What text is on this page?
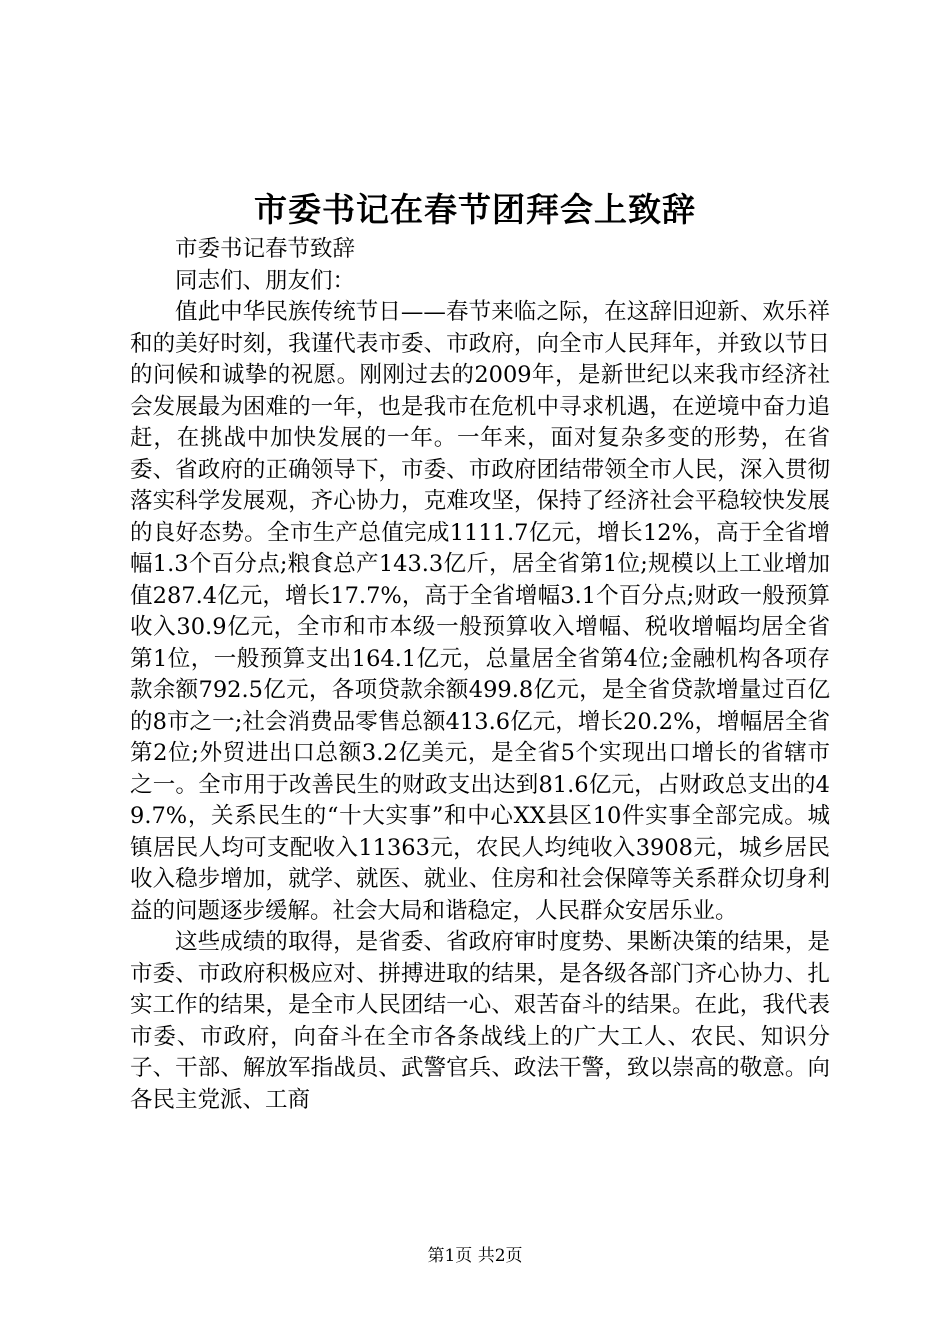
市委书记在春节团拜会上致辞

市委书记春节致辞

同志们、朋友们：

值此中华民族传统节日——春节来临之际，在这辞旧迎新、欢乐祥和的美好时刻，我谨代表市委、市政府，向全市人民拜年，并致以节日的问候和诚挚的祝愿。刚刚过去的2009年，是新世纪以来我市经济社会发展最为困难的一年，也是我市在危机中寻求机遇，在逆境中奋力追赶，在挑战中加快发展的一年。一年来，面对复杂多变的形势，在省委、省政府的正确领导下，市委、市政府团结带领全市人民，深入贯彻落实科学发展观，齐心协力，克难攻坚，保持了经济社会平稳较快发展的良好态势。全市生产总值完成1111.7亿元，增长12%，高于全省增幅1.3个百分点;粮食总产143.3亿斤，居全省第1位;规模以上工业增加值287.4亿元，增长17.7%，高于全省增幅3.1个百分点;财政一般预算收入30.9亿元，全市和市本级一般预算收入增幅、税收增幅均居全省第1位，一般预算支出164.1亿元，总量居全省第4位;金融机构各项存款余额792.5亿元，各项贷款余额499.8亿元，是全省贷款增量过百亿的8市之一;社会消费品零售总额413.6亿元，增长20.2%，增幅居全省第2位;外贸进出口总额3.2亿美元，是全省5个实现出口增长的省辖市之一。全市用于改善民生的财政支出达到81.6亿元，占财政总支出的49.7%，关系民生的“十大实事”和中心XX县区10件实事全部完成。城镇居民人均可支配收入11363元，农民人均纯收入3908元，城乡居民收入稳步增加，就学、就医、就业、住房和社会保障等关系群众切身利益的问题逐步缓解。社会大局和谐稳定，人民群众安居乐业。

这些成绩的取得，是省委、省政府审时度势、果断决策的结果，是市委、市政府积极应对、拼搏进取的结果，是各级各部门齐心协力、扎实工作的结果，是全市人民团结一心、艰苦奋斗的结果。在此，我代表市委、市政府，向奋斗在全市各条战线上的广大工人、农民、知识分子、干部、解放军指战员、武警官兵、政法干警，致以崇高的敬意。向各民主党派、工商

第1页 共2页
